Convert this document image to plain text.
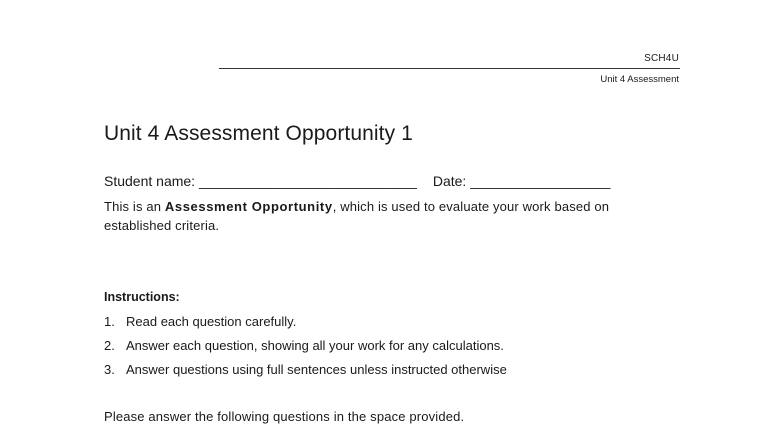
SCH4U
Unit 4 Assessment
Unit 4 Assessment Opportunity 1
Student name: ____________________________ Date: __________________

This is an Assessment Opportunity, which is used to evaluate your work based on established criteria.

Instructions:
1. Read each question carefully.
2. Answer each question, showing all your work for any calculations.
3. Answer questions using full sentences unless instructed otherwise
Please answer the following questions in the space provided.
